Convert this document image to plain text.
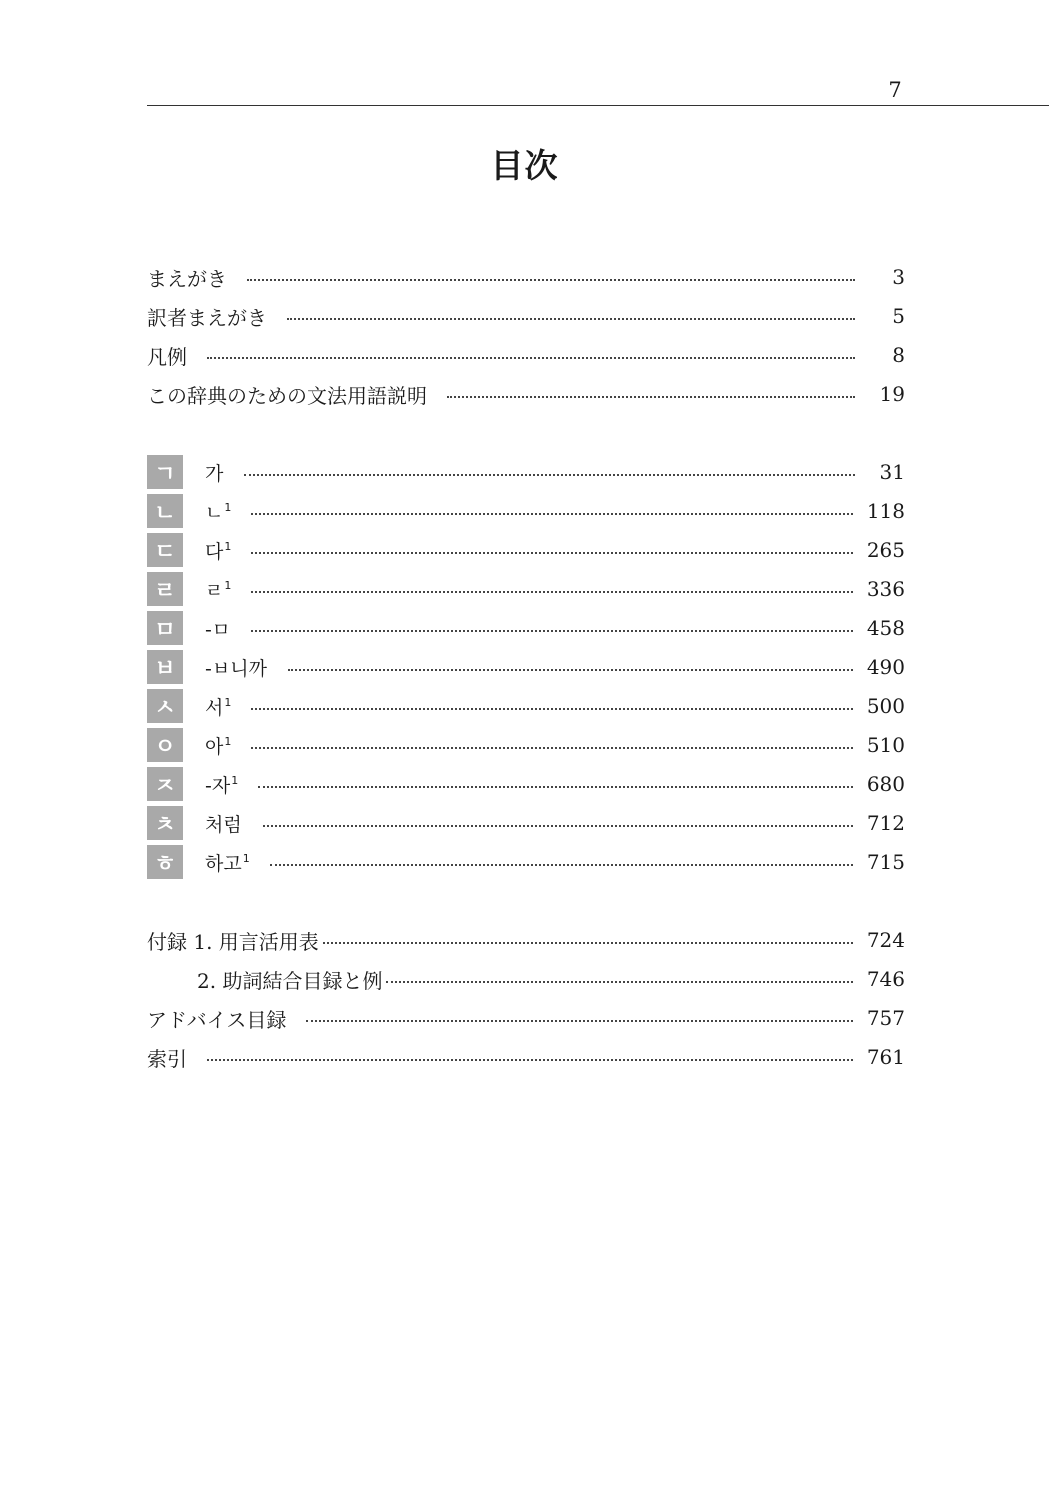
7
目次
まえがき	3
訳者まえがき	5
凡例	8
この辞典のための文法用語説明	19
ㄱ	가	31
ㄴ	ㄴ$^1$	118
ㄷ	다$^1$	265
ㄹ	ㄹ$^1$	336
ㅁ	-ㅁ	458
ㅂ	-ㅂ니까	490
ㅅ	서$^1$	500
ㅇ	아$^1$	510
ㅈ	-자$^1$	680
ㅊ	처럼	712
ㅎ	하고$^1$	715
付録 1. 用言活用表	724
2. 助詞結合目録と例	746
アドバイス目録	757
索引	761
